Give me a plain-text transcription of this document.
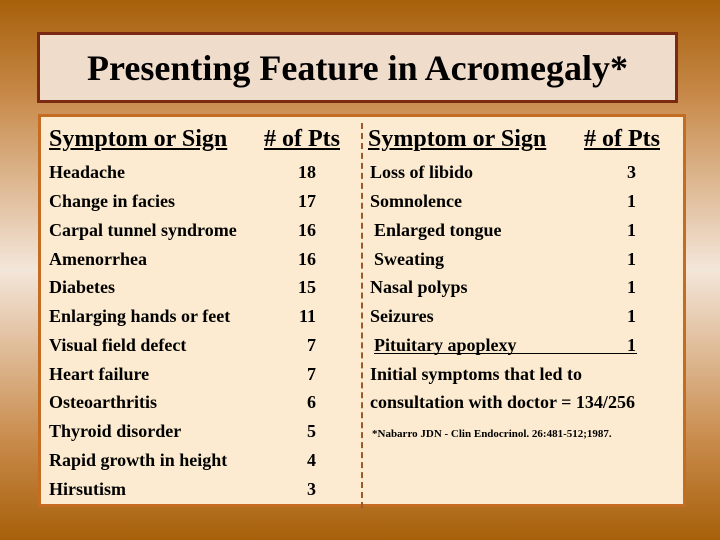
Presenting Feature in Acromegaly*
Symptom or Sign # of Pts Symptom or Sign # of Pts
Headache	18
Change in facies	17
Carpal tunnel syndrome	16
Amenorrhea	16
Diabetes	15
Enlarging hands or feet	11
Visual field defect	7
Heart failure	7
Osteoarthritis	6
Thyroid disorder	5
Rapid growth in height	4
Hirsutism	3
Loss of libido	3
Somnolence	1
Enlarged tongue	1
Sweating	1
Nasal polyps	1
Seizures	1
Pituitary apoplexy	1
Initial symptoms that led to
consultation with doctor = 134/256
*Nabarro JDN - Clin Endocrinol. 26:481-512;1987.
